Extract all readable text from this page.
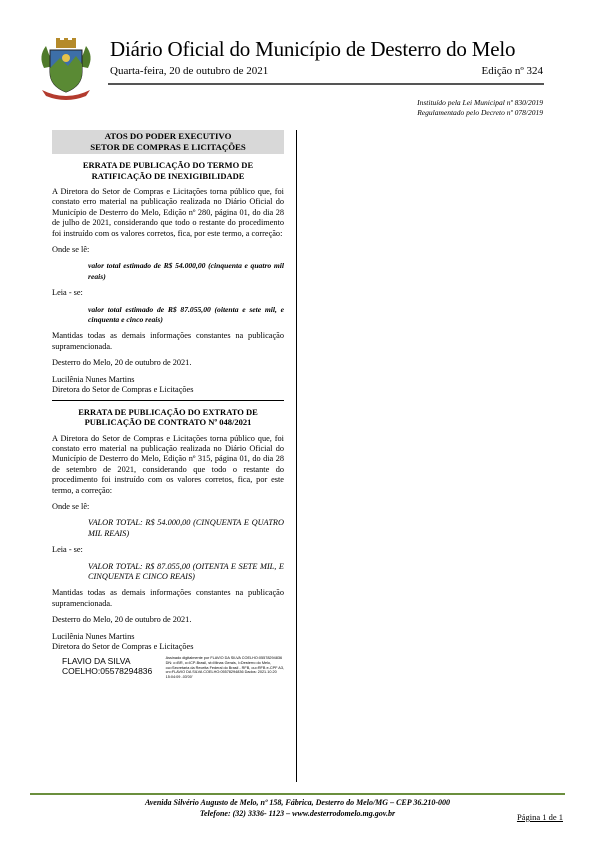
Diário Oficial do Município de Desterro do Melo
Quarta-feira, 20 de outubro de 2021	Edição nº 324
Instituído pela Lei Municipal nº 830/2019
Regulamentado pelo Decreto nº 078/2019
ATOS DO PODER EXECUTIVO
SETOR DE COMPRAS E LICITAÇÕES
ERRATA DE PUBLICAÇÃO DO TERMO DE RATIFICAÇÃO DE INEXIGIBILIDADE

A Diretora do Setor de Compras e Licitações torna público que, foi constato erro material na publicação realizada no Diário Oficial do Município de Desterro do Melo, Edição nº 280, página 01, do dia 28 de julho de 2021, considerando que todo o restante do procedimento foi instruído com os valores corretos, fica, por este termo, a correção:

Onde se lê:

valor total estimado de R$ 54.000,00 (cinquenta e quatro mil reais)

Leia - se:

valor total estimado de R$ 87.055,00 (oitenta e sete mil, e cinquenta e cinco reais)

Mantidas todas as demais informações constantes na publicação supramencionada.

Desterro do Melo, 20 de outubro de 2021.

Lucilênia Nunes Martins

Diretora do Setor de Compras e Licitações

ERRATA DE PUBLICAÇÃO DO EXTRATO DE PUBLICAÇÃO DE CONTRATO Nº 048/2021

A Diretora do Setor de Compras e Licitações torna público que, foi constato erro material na publicação realizada no Diário Oficial do Município de Desterro do Melo, Edição nº 315, página 01, do dia 28 de setembro de 2021, considerando que todo o restante do procedimento foi instruído com os valores corretos, fica, por este termo, a correção:

Onde se lê:

VALOR TOTAL: R$ 54.000,00 (CINQUENTA E QUATRO MIL REAIS)

Leia - se:

VALOR TOTAL: R$ 87.055,00 (OITENTA E SETE MIL, E CINQUENTA E CINCO REAIS)

Mantidas todas as demais informações constantes na publicação supramencionada.

Desterro do Melo, 20 de outubro de 2021.

Lucilênia Nunes Martins

Diretora do Setor de Compras e Licitações

FLAVIO DA SILVA
COELHO:05578294836
Assinado digitalmente por FLAVIO DA SILVA COELHO:05578294836 DN: c=BR, o=ICP-Brasil, st=Minas Gerais, l=Desterro do Melo, ou=Secretaria da Receita Federal do Brasil - RFB, ou=RFB e-CPF A3, cn=FLAVIO DA SILVA COELHO:05578294836 Dados: 2021.10.20 15:04:09 -03'00'
Avenida Silvério Augusto de Melo, nº 158, Fábrica, Desterro do Melo/MG – CEP 36.210-000
Telefone: (32) 3336- 1123 – www.desterrodomelo.mg.gov.br	Página 1 de 1
